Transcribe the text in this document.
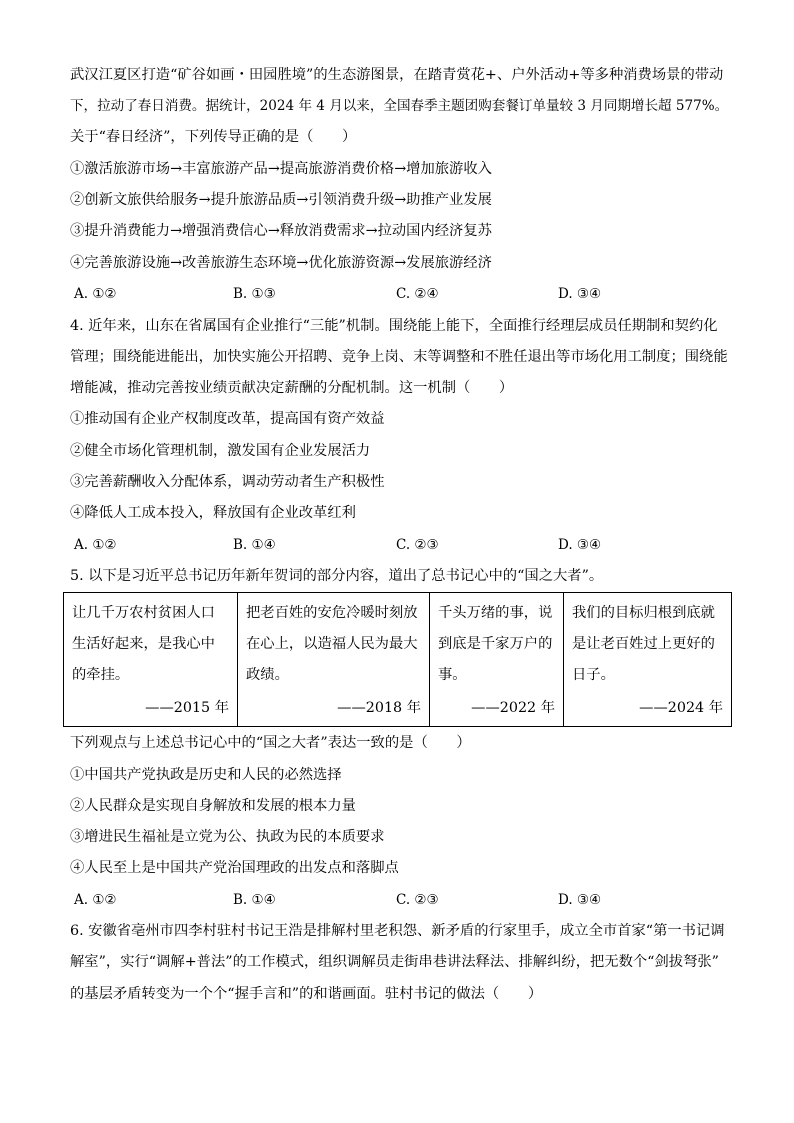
武汉江夏区打造“矿谷如画・田园胜境”的生态游图景，在踏青赏花+、户外活动+等多种消费场景的带动
下，拉动了春日消费。据统计，2024 年 4 月以来，全国春季主题团购套餐订单量较 3 月同期增长超 577%。
关于“春日经济”，下列传导正确的是（　　）
①激活旅游市场→丰富旅游产品→提高旅游消费价格→增加旅游收入
②创新文旅供给服务→提升旅游品质→引领消费升级→助推产业发展
③提升消费能力→增强消费信心→释放消费需求→拉动国内经济复苏
④完善旅游设施→改善旅游生态环境→优化旅游资源→发展旅游经济
A. ①②	B. ①③	C. ②④	D. ③④
4. 近年来，山东在省属国有企业推行“三能”机制。围绕能上能下，全面推行经理层成员任期制和契约化
管理；围绕能进能出，加快实施公开招聘、竞争上岗、末等调整和不胜任退出等市场化用工制度；围绕能
增能减，推动完善按业绩贡献决定薪酬的分配机制。这一机制（　　）
①推动国有企业产权制度改革，提高国有资产效益
②健全市场化管理机制，激发国有企业发展活力
③完善薪酬收入分配体系，调动劳动者生产积极性
④降低人工成本投入，释放国有企业改革红利
A. ①②	B. ①④	C. ②③	D. ③④
5. 以下是习近平总书记历年新年贺词的部分内容，道出了总书记心中的“国之大者”。
让几千万农村贫困人口生活好起来，是我心中的牵挂。
——2015 年

把老百姓的安危冷暖时刻放在心上，以造福人民为最大政绩。
——2018 年

千头万绪的事，说到底是千家万户的事。
——2022 年

我们的目标归根到底就是让老百姓过上更好的日子。
——2024 年
下列观点与上述总书记心中的“国之大者”表达一致的是（　　）
①中国共产党执政是历史和人民的必然选择
②人民群众是实现自身解放和发展的根本力量
③增进民生福祉是立党为公、执政为民的本质要求
④人民至上是中国共产党治国理政的出发点和落脚点
A. ①②	B. ①④	C. ②③	D. ③④
6. 安徽省亳州市四李村驻村书记王浩是排解村里老积怨、新矛盾的行家里手，成立全市首家“第一书记调
解室”，实行“调解+普法”的工作模式，组织调解员走街串巷讲法释法、排解纠纷，把无数个“剑拔弩张”
的基层矛盾转变为一个个“握手言和”的和谐画面。驻村书记的做法（　　）
